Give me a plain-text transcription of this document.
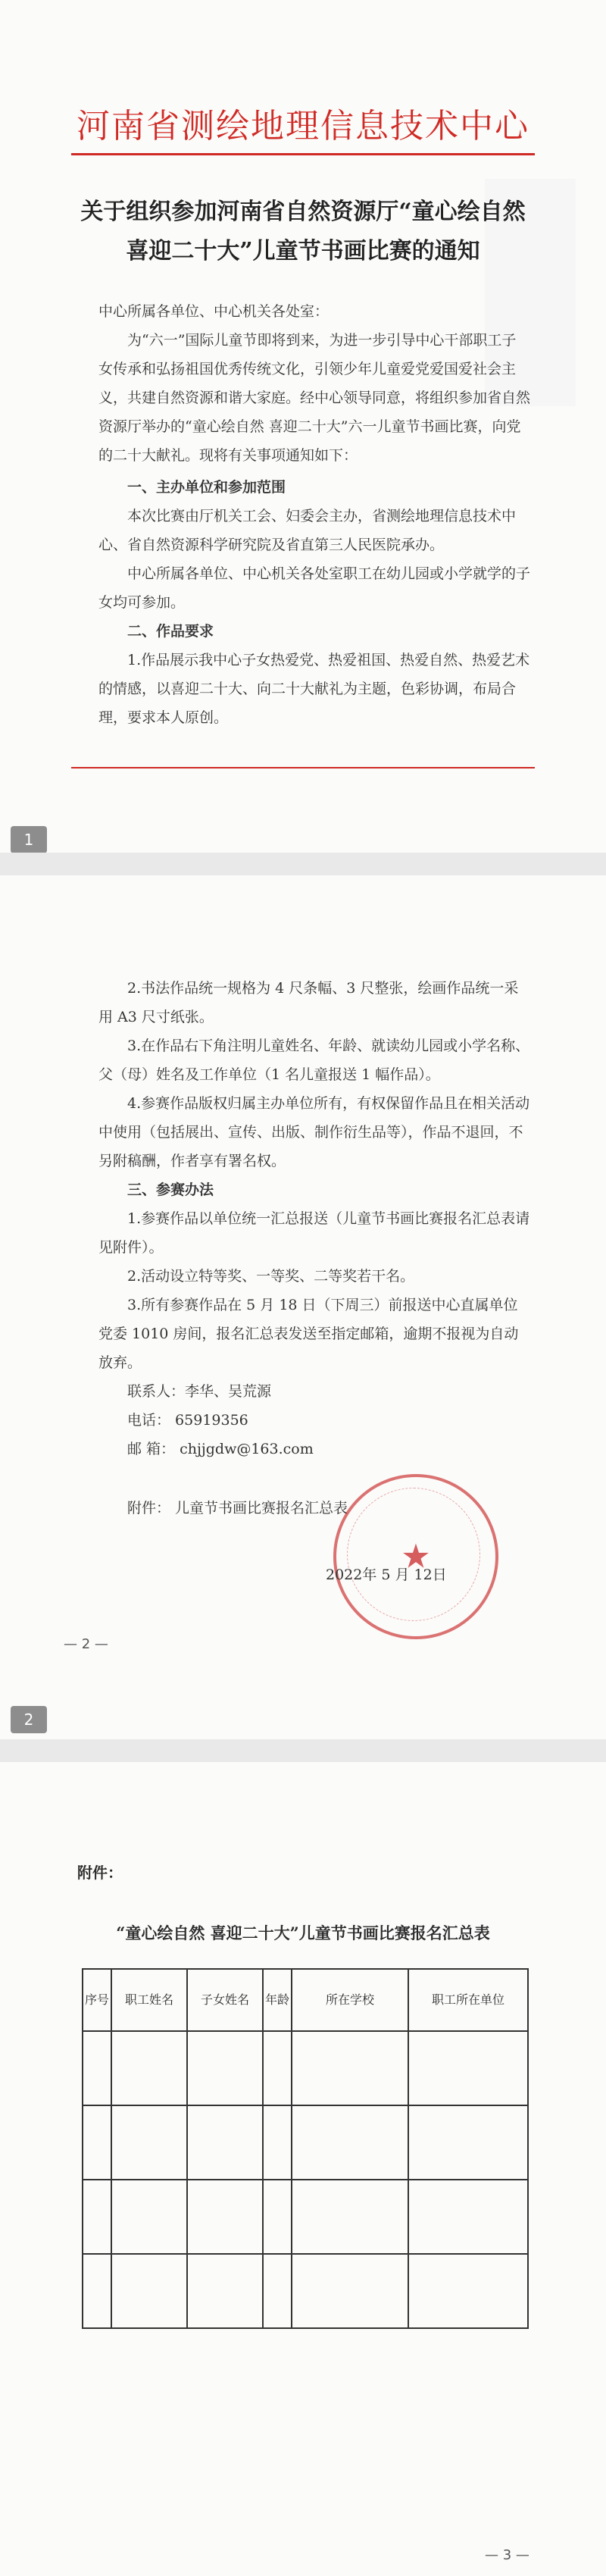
河南省测绘地理信息技术中心
关于组织参加河南省自然资源厅“童心绘自然
喜迎二十大”儿童节书画比赛的通知
中心所属各单位、中心机关各处室：
为“六一”国际儿童节即将到来，为进一步引导中心干部职工子女传承和弘扬祖国优秀传统文化，引领少年儿童爱党爱国爱社会主义，共建自然资源和谐大家庭。经中心领导同意，将组织参加省自然资源厅举办的“童心绘自然 喜迎二十大”六一儿童节书画比赛，向党的二十大献礼。现将有关事项通知如下：
一、主办单位和参加范围
本次比赛由厅机关工会、妇委会主办，省测绘地理信息技术中心、省自然资源科学研究院及省直第三人民医院承办。
中心所属各单位、中心机关各处室职工在幼儿园或小学就学的子女均可参加。
二、作品要求
1.作品展示我中心子女热爱党、热爱祖国、热爱自然、热爱艺术的情感，以喜迎二十大、向二十大献礼为主题，色彩协调，布局合理，要求本人原创。
1
2.书法作品统一规格为 4 尺条幅、3 尺整张，绘画作品统一采用 A3 尺寸纸张。
3.在作品右下角注明儿童姓名、年龄、就读幼儿园或小学名称、父（母）姓名及工作单位（1 名儿童报送 1 幅作品）。
4.参赛作品版权归属主办单位所有，有权保留作品且在相关活动中使用（包括展出、宣传、出版、制作衍生品等），作品不退回，不另附稿酬，作者享有署名权。
三、参赛办法
1.参赛作品以单位统一汇总报送（儿童节书画比赛报名汇总表请见附件）。
2.活动设立特等奖、一等奖、二等奖若干名。
3.所有参赛作品在 5 月 18 日（下周三）前报送中心直属单位党委 1010 房间，报名汇总表发送至指定邮箱，逾期不报视为自动放弃。
联系人：李华、吴荒源
电话： 65919356
邮 箱： chjjgdw@163.com
附件： 儿童节书画比赛报名汇总表
★
2022年 5 月 12日
— 2 —
2
附件：
“童心绘自然 喜迎二十大”儿童节书画比赛报名汇总表
序号	职工姓名	子女姓名	年龄	所在学校	职工所在单位

— 3 —
